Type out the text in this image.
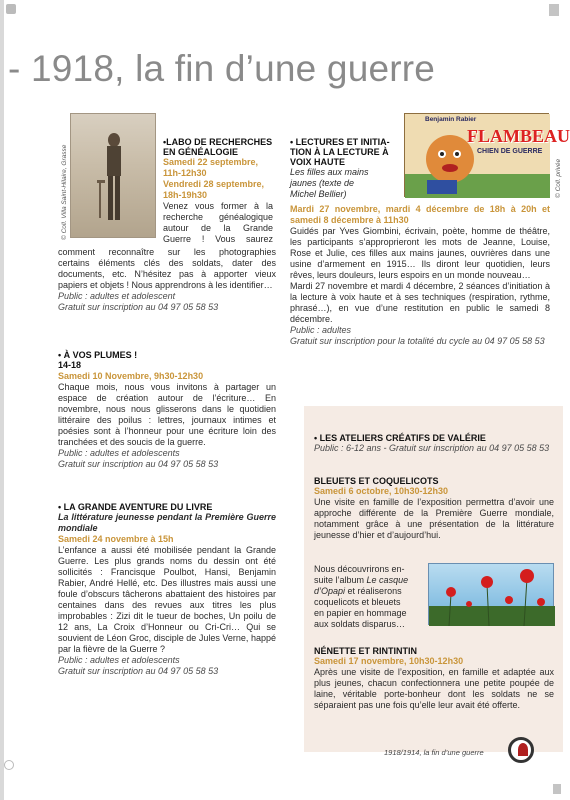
- 1918, la fin d’une guerre
© Coll. Villa Saint-Hilaire, Grasse
•LABO DE RECHERCHES
EN GÉNÉALOGIE
Samedi 22 septembre,
11h-12h30
Vendredi 28 septembre,
18h-19h30
Venez vous former à la
recherche généalogique
autour de la Grande
Guerre ! Vous saurez
comment reconnaître sur les photographies
certains éléments clés des soldats, dater des
documents, etc. N’hésitez pas à apporter vieux
papiers et objets ! Nous apprendrons à les identifier…
Public : adultes et adolescent
Gratuit sur inscription au 04 97 05 58 53
• À VOS PLUMES !
14-18
Samedi 10 Novembre, 9h30-12h30
Chaque mois, nous vous invitons à partager un espace de création autour de l’écriture… En novembre, nous nous glisserons dans le quotidien littéraire des poilus : lettres, journaux intimes et poésies sont à l’honneur pour une écriture loin des tranchées et des soucis de la guerre.
Public : adultes et adolescents
Gratuit sur inscription au 04 97 05 58 53
• LA GRANDE AVENTURE DU LIVRE
La littérature jeunesse pendant la Première Guerre mondiale
Samedi 24 novembre à 15h
L’enfance a aussi été mobilisée pendant la Grande Guerre. Les plus grands noms du dessin ont été sollicités : Francisque Poulbot, Hansi, Benjamin Rabier, André Hellé, etc. Des illustres mais aussi une foule d’obscurs tâcherons abattaient des histoires par centaines dans des revues aux titres les plus improbables : Zizi dit le tueur de boches, Un poilu de 12 ans, La Croix d’Honneur ou Cri-Cri… Qui se souvient de Léon Groc, disciple de Jules Verne, happé par la fièvre de la Guerre ?
Public : adultes et adolescents
Gratuit sur inscription au 04 97 05 58 53
Benjamin Rabier
FLAMBEAU
CHIEN DE GUERRE
© Coll. privée
• LECTURES ET INITIA-
TION À LA LECTURE À
VOIX HAUTE
Les filles aux mains
jaunes (texte de
Michel Bellier)
Mardi 27 novembre, mardi 4 décembre de 18h à 20h et samedi 8 décembre à 11h30
Guidés par Yves Giombini, écrivain, poète, homme de théâtre, les participants s’approprieront les mots de Jeanne, Louise, Rose et Julie, ces filles aux mains jaunes, ouvrières dans une usine d’armement en 1915… Ils diront leur quotidien, leurs rêves, leurs douleurs, leurs espoirs en un monde nouveau…
Mardi 27 novembre et mardi 4 décembre, 2 séances d’initiation à la lecture à voix haute et à ses techniques (respiration, rythme, phrasé…), en vue d’une restitution en public le samedi 8 décembre.
Public : adultes
Gratuit sur inscription pour la totalité du cycle au 04 97 05 58 53
• LES ATELIERS CRÉATIFS DE VALÉRIE
Public : 6-12 ans - Gratuit sur inscription au 04 97 05 58 53
BLEUETS ET COQUELICOTS
Samedi 6 octobre, 10h30-12h30
Une visite en famille de l’exposition permettra d’avoir une approche différente de la Première Guerre mondiale, notamment grâce à une présentation de la littérature jeunesse d’hier et d’aujourd’hui.
Nous découvrirons en-
suite l’album Le casque
d’Opapi et réaliserons
coquelicots et bleuets
en papier en hommage
aux soldats disparus…
NÉNETTE ET RINTINTIN
Samedi 17 novembre, 10h30-12h30
Après une visite de l’exposition, en famille et adaptée aux plus jeunes, chacun confectionnera une petite poupée de laine, véritable porte-bonheur dont les soldats ne se séparaient pas une fois qu’elle leur avait été offerte.
1918/1914, la fin d’une guerre
